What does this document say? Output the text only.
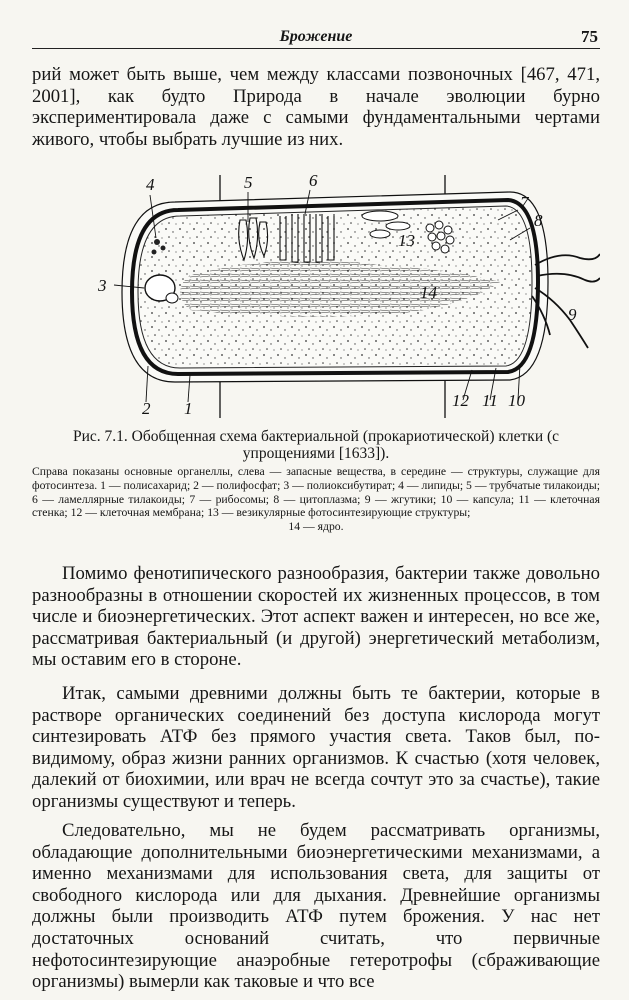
Брожение	75

рий может быть выше, чем между классами позвоночных [467, 471, 2001], как будто Природа в начале эволюции бурно экспериментировала даже с самыми фундаментальными чертами живого, чтобы выбрать лучшие из них.

3
4	5	6
7
8
9
13
14
2 1	12 11 10
Рис. 7.1. Обобщенная схема бактериальной (прокариотической) клетки (с упрощениями [1633]).
Справа показаны основные органеллы, слева — запасные вещества, в середине — структуры, служащие для фотосинтеза. 1 — полисахарид; 2 — полифосфат; 3 — полиоксибутират; 4 — липиды; 5 — трубчатые тилакоиды; 6 — ламеллярные тилакоиды; 7 — рибосомы; 8 — цитоплазма; 9 — жгутики; 10 — капсула; 11 — клеточная стенка; 12 — клеточная мембрана; 13 — везикулярные фотосинтезирующие структуры;
14 — ядро.

Помимо фенотипического разнообразия, бактерии также довольно разнообразны в отношении скоростей их жизненных процессов, в том числе и биоэнергетических. Этот аспект важен и интересен, но все же, рассматривая бактериальный (и другой) энергетический метаболизм, мы оставим его в стороне.

Итак, самыми древними должны быть те бактерии, которые в растворе органических соединений без доступа кислорода могут синтезировать АТФ без прямого участия света. Таков был, по-видимому, образ жизни ранних организмов. К счастью (хотя человек, далекий от биохимии, или врач не всегда сочтут это за счастье), такие организмы существуют и теперь.

Следовательно, мы не будем рассматривать организмы, обладающие дополнительными биоэнергетическими механизмами, а именно механизмами для использования света, для защиты от свободного кислорода или для дыхания. Древнейшие организмы должны были производить АТФ путем брожения. У нас нет достаточных оснований считать, что первичные нефотосинтезирующие анаэробные гетеротрофы (сбраживающие организмы) вымерли как таковые и что все
